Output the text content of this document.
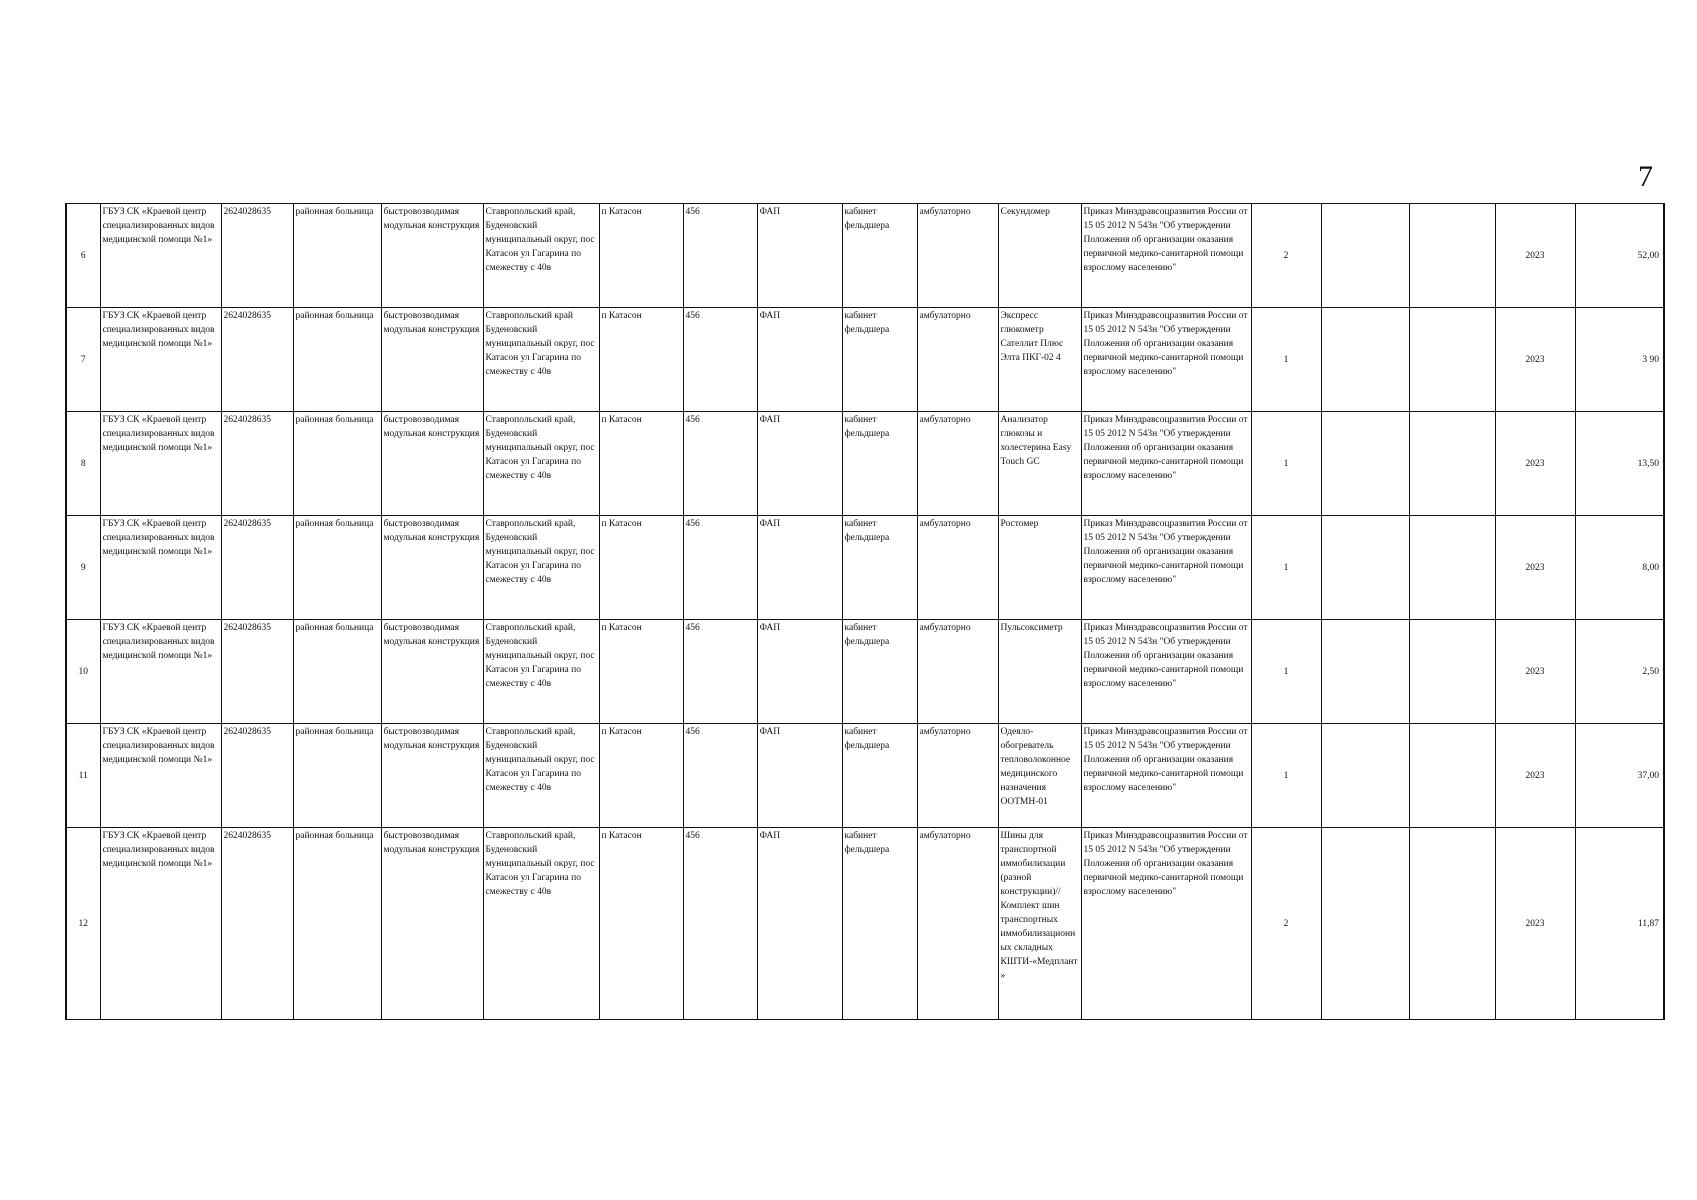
7
6	ГБУЗ СК «Краевой центр специализированных видов медицинской помощи №1»	2624028635	районная больница	быстровозводимая модульная конструкция	Ставропольский край, Буденовский муниципальный округ, пос Катасон ул Гагарина по смежеству с 40в	п Катасон	456	ФАП	кабинет фельдшера	амбулаторно	Секундомер	Приказ Минздравсоцразвития России от 15 05 2012 N 543н "Об утверждении Положения об организации оказания первичной медико-санитарной помощи взрослому населению"	2			2023	52,00
7	ГБУЗ СК «Краевой центр специализированных видов медицинской помощи №1»	2624028635	районная больница	быстровозводимая модульная конструкция	Ставропольский край Буденовский муниципальный округ, пос Катасон ул Гагарина по смежеству с 40в	п Катасон	456	ФАП	кабинет фельдшера	амбулаторно	Экспресс глюкометр Сателлит Плюс Элта ПКГ-02 4	Приказ Минздравсоцразвития России от 15 05 2012 N 543н "Об утверждении Положения об организации оказания первичной медико-санитарной помощи взрослому населению"	1			2023	3 90
8	ГБУЗ СК «Краевой центр специализированных видов медицинской помощи №1»	2624028635	районная больница	быстровозводимая модульная конструкция	Ставропольский край, Буденовский муниципальный округ, пос Катасон ул Гагарина по смежеству с 40в	п Катасон	456	ФАП	кабинет фельдшера	амбулаторно	Анализатор глюкозы и холестерина Easy Touch GC	Приказ Минздравсоцразвития России от 15 05 2012 N 543н "Об утверждении Положения об организации оказания первичной медико-санитарной помощи взрослому населению"	1			2023	13,50
9	ГБУЗ СК «Краевой центр специализированных видов медицинской помощи №1»	2624028635	районная больница	быстровозводимая модульная конструкция	Ставропольский край, Буденовский муниципальный округ, пос Катасон ул Гагарина по смежеству с 40в	п Катасон	456	ФАП	кабинет фельдшера	амбулаторно	Ростомер	Приказ Минздравсоцразвития России от 15 05 2012 N 543н "Об утверждении Положения об организации оказания первичной медико-санитарной помощи взрослому населению"	1			2023	8,00
10	ГБУЗ СК «Краевой центр специализированных видов медицинской помощи №1»	2624028635	районная больница	быстровозводимая модульная конструкция	Ставропольский край, Буденовский муниципальный округ, пос Катасон ул Гагарина по смежеству с 40в	п Катасон	456	ФАП	кабинет фельдшера	амбулаторно	Пульсоксиметр	Приказ Минздравсоцразвития России от 15 05 2012 N 543н "Об утверждении Положения об организации оказания первичной медико-санитарной помощи взрослому населению"	1			2023	2,50
11	ГБУЗ СК «Краевой центр специализированных видов медицинской помощи №1»	2624028635	районная больница	быстровозводимая модульная конструкция	Ставропольский край, Буденовский муниципальный округ, пос Катасон ул Гагарина по смежеству с 40в	п Катасон	456	ФАП	кабинет фельдшера	амбулаторно	Одеяло-обогреватель тепловолоконное медицинского назначения ООТМН-01	Приказ Минздравсоцразвития России от 15 05 2012 N 543н "Об утверждении Положения об организации оказания первичной медико-санитарной помощи взрослому населению"	1			2023	37,00
12	ГБУЗ СК «Краевой центр специализированных видов медицинской помощи №1»	2624028635	районная больница	быстровозводимая модульная конструкция	Ставропольский край, Буденовский муниципальный округ, пос Катасон ул Гагарина по смежеству с 40в	п Катасон	456	ФАП	кабинет фельдшера	амбулаторно	Шины для транспортной иммобилизации (разной конструкции)// Комплект шин транспортных иммобилизационных складных КШТИ-«Медплант»	Приказ Минздравсоцразвития России от 15 05 2012 N 543н "Об утверждении Положения об организации оказания первичной медико-санитарной помощи взрослому населению"	2			2023	11,87
